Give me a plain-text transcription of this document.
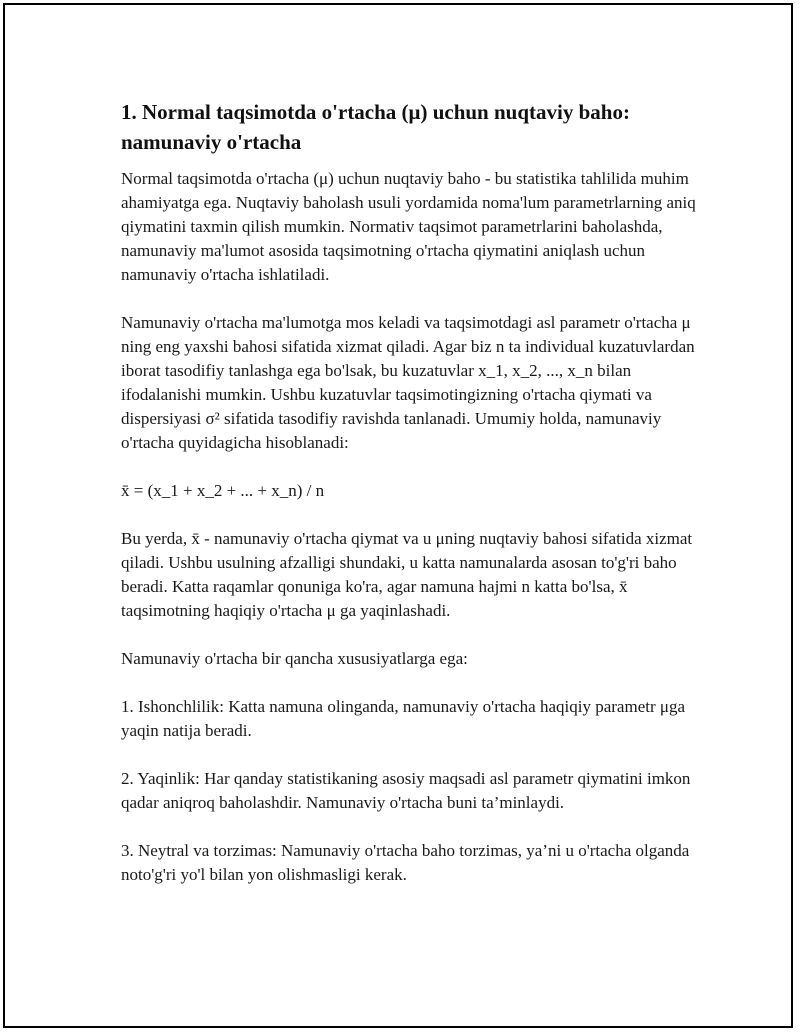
1. Normal taqsimotda o'rtacha (μ) uchun nuqtaviy baho: namunaviy o'rtacha

Normal taqsimotda o'rtacha (μ) uchun nuqtaviy baho - bu statistika tahlilida muhim ahamiyatga ega. Nuqtaviy baholash usuli yordamida noma'lum parametrlarning aniq qiymatini taxmin qilish mumkin. Normativ taqsimot parametrlarini baholashda, namunaviy ma'lumot asosida taqsimotning o'rtacha qiymatini aniqlash uchun namunaviy o'rtacha ishlatiladi.

Namunaviy o'rtacha ma'lumotga mos keladi va taqsimotdagi asl parametr o'rtacha μ ning eng yaxshi bahosi sifatida xizmat qiladi. Agar biz n ta individual kuzatuvlardan iborat tasodifiy tanlashga ega bo'lsak, bu kuzatuvlar x_1, x_2, ..., x_n bilan ifodalanishi mumkin. Ushbu kuzatuvlar taqsimotingizning o'rtacha qiymati va dispersiyasi σ² sifatida tasodifiy ravishda tanlanadi. Umumiy holda, namunaviy o'rtacha quyidagicha hisoblanadi:

x̄ = (x_1 + x_2 + ... + x_n) / n

Bu yerda, x̄ - namunaviy o'rtacha qiymat va u μning nuqtaviy bahosi sifatida xizmat qiladi. Ushbu usulning afzalligi shundaki, u katta namunalarda asosan to'g'ri baho beradi. Katta raqamlar qonuniga ko'ra, agar namuna hajmi n katta bo'lsa, x̄ taqsimotning haqiqiy o'rtacha μ ga yaqinlashadi.

Namunaviy o'rtacha bir qancha xususiyatlarga ega:

1. Ishonchlilik: Katta namuna olinganda, namunaviy o'rtacha haqiqiy parametr μga yaqin natija beradi.

2. Yaqinlik: Har qanday statistikaning asosiy maqsadi asl parametr qiymatini imkon qadar aniqroq baholashdir. Namunaviy o'rtacha buni ta’minlaydi.

3. Neytral va torzimas: Namunaviy o'rtacha baho torzimas, ya’ni u o'rtacha olganda noto'g'ri yo'l bilan yon olishmasligi kerak.
